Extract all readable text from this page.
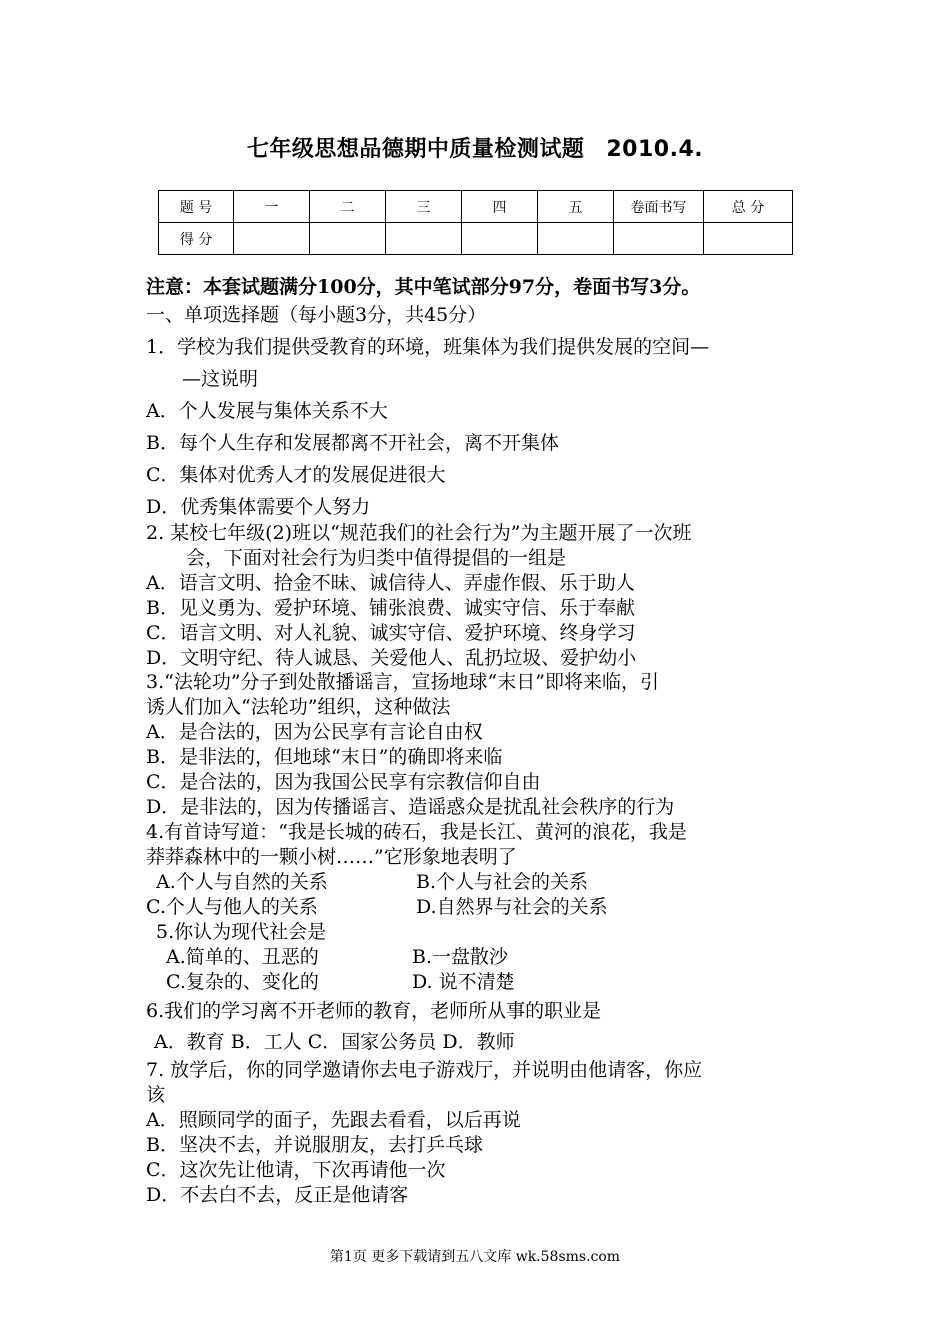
七年级思想品德期中质量检测试题 2010.4.
题 号	一	二	三	四	五	卷面书写	总 分
得 分							
注意：本套试题满分100分，其中笔试部分97分，卷面书写3分。
一、单项选择题（每小题3分，共45分）
1．学校为我们提供受教育的环境，班集体为我们提供发展的空间—
—这说明
A．个人发展与集体关系不大
B．每个人生存和发展都离不开社会，离不开集体
C．集体对优秀人才的发展促进很大
D．优秀集体需要个人努力
2. 某校七年级(2)班以“规范我们的社会行为”为主题开展了一次班
会，下面对社会行为归类中值得提倡的一组是
A．语言文明、拾金不昧、诚信待人、弄虚作假、乐于助人
B．见义勇为、爱护环境、铺张浪费、诚实守信、乐于奉献
C．语言文明、对人礼貌、诚实守信、爱护环境、终身学习
D．文明守纪、待人诚恳、关爱他人、乱扔垃圾、爱护幼小
3.“法轮功”分子到处散播谣言，宣扬地球“末日”即将来临，引
诱人们加入“法轮功”组织，这种做法
A．是合法的，因为公民享有言论自由权
B．是非法的，但地球“末日”的确即将来临
C．是合法的，因为我国公民享有宗教信仰自由
D．是非法的，因为传播谣言、造谣惑众是扰乱社会秩序的行为
4.有首诗写道：“我是长城的砖石，我是长江、黄河的浪花，我是
莽莽森林中的一颗小树……”它形象地表明了
A.个人与自然的关系	B.个人与社会的关系
C.个人与他人的关系	D.自然界与社会的关系
5.你认为现代社会是
A.简单的、丑恶的	B.一盘散沙
C.复杂的、变化的	D. 说不清楚
6.我们的学习离不开老师的教育，老师所从事的职业是
A．教育 B．工人 C．国家公务员 D．教师
7. 放学后，你的同学邀请你去电子游戏厅，并说明由他请客，你应
该
A．照顾同学的面子，先跟去看看，以后再说
B．坚决不去，并说服朋友，去打乒乓球
C．这次先让他请，下次再请他一次
D．不去白不去，反正是他请客
第1页 更多下载请到五八文库 wk.58sms.com
